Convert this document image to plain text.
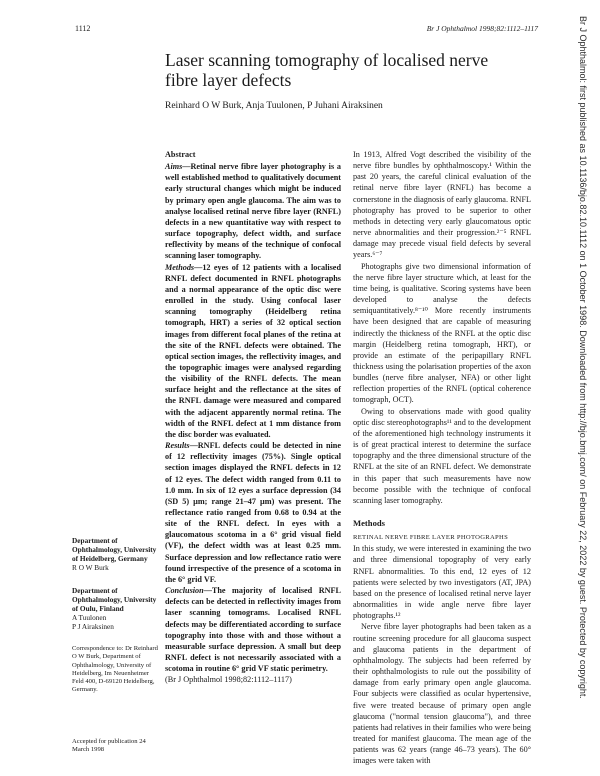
1112	Br J Ophthalmol 1998;82:1112–1117	Br J Ophthalmol: first published as 10.1136/bjo.82.10.1112 on 1 October 1998. Downloaded from http://bjo.bmj.com/ on February 22, 2022 by guest. Protected by copyright.
Laser scanning tomography of localised nerve fibre layer defects
Reinhard O W Burk, Anja Tuulonen, P Juhani Airaksinen
Abstract

Aims—Retinal nerve fibre layer photography is a well established method to qualitatively document early structural changes which might be induced by primary open angle glaucoma. The aim was to analyse localised retinal nerve fibre layer (RNFL) defects in a new quantitative way with respect to surface topography, defect width, and surface reflectivity by means of the technique of confocal scanning laser tomography.

Methods—12 eyes of 12 patients with a localised RNFL defect documented in RNFL photographs and a normal appearance of the optic disc were enrolled in the study. Using confocal laser scanning tomography (Heidelberg retina tomograph, HRT) a series of 32 optical section images from different focal planes of the retina at the site of the RNFL defects were obtained. The optical section images, the reflectivity images, and the topographic images were analysed regarding the visibility of the RNFL defects. The mean surface height and the reflectance at the sites of the RNFL damage were measured and compared with the adjacent apparently normal retina. The width of the RNFL defect at 1 mm distance from the disc border was evaluated.

Results—RNFL defects could be detected in nine of 12 reflectivity images (75%). Single optical section images displayed the RNFL defects in 12 of 12 eyes. The defect width ranged from 0.11 to 1.0 mm. In six of 12 eyes a surface depression (34 (SD 5) µm; range 21–47 µm) was present. The reflectance ratio ranged from 0.68 to 0.94 at the site of the RNFL defect. In eyes with a glaucomatous scotoma in a 6° grid visual field (VF), the defect width was at least 0.25 mm. Surface depression and low reflectance ratio were found irrespective of the presence of a scotoma in the 6° grid VF.

Conclusion—The majority of localised RNFL defects can be detected in reflectivity images from laser scanning tomograms. Localised RNFL defects may be differentiated according to surface topography into those with and those without a measurable surface depression. A small but deep RNFL defect is not necessarily associated with a scotoma in routine 6° grid VF static perimetry.

(Br J Ophthalmol 1998;82:1112–1117)

Department of Ophthalmology, University of Heidelberg, Germany
R O W Burk
Department of Ophthalmology, University of Oulu, Finland
A Tuulonen
P J Airaksinen
Correspondence to: Dr Reinhard O W Burk, Department of Ophthalmology, University of Heidelberg, Im Neuenheimer Feld 400, D-69120 Heidelberg, Germany.
Accepted for publication 24 March 1998

In 1913, Alfred Vogt described the visibility of the nerve fibre bundles by ophthalmoscopy.¹ Within the past 20 years, the careful clinical evaluation of the retinal nerve fibre layer (RNFL) has become a cornerstone in the diagnosis of early glaucoma. RNFL photography has proved to be superior to other methods in detecting very early glaucomatous optic nerve abnormalities and their progression.²⁻⁵ RNFL damage may precede visual field defects by several years.⁶⁻⁷

Photographs give two dimensional information of the nerve fibre layer structure which, at least for the time being, is qualitative. Scoring systems have been developed to analyse the defects semiquantitatively.⁸⁻¹⁰ More recently instruments have been designed that are capable of measuring indirectly the thickness of the RNFL at the optic disc margin (Heidelberg retina tomograph, HRT), or provide an estimate of the peripapillary RNFL thickness using the polarisation properties of the axon bundles (nerve fibre analyser, NFA) or other light reflection properties of the RNFL (optical coherence tomograph, OCT).

Owing to observations made with good quality optic disc stereophotographs¹¹ and to the development of the aforementioned high technology instruments it is of great practical interest to determine the surface topography and the three dimensional structure of the RNFL at the site of an RNFL defect. We demonstrate in this paper that such measurements have now become possible with the technique of confocal scanning laser tomography.

Methods
RETINAL NERVE FIBRE LAYER PHOTOGRAPHS

In this study, we were interested in examining the two and three dimensional topography of very early RNFL abnormalities. To this end, 12 eyes of 12 patients were selected by two investigators (AT, JPA) based on the presence of localised retinal nerve layer abnormalities in wide angle nerve fibre layer photographs.¹²

Nerve fibre layer photographs had been taken as a routine screening procedure for all glaucoma suspect and glaucoma patients in the department of ophthalmology. The subjects had been referred by their ophthalmologists to rule out the possibility of damage from early primary open angle glaucoma. Four subjects were classified as ocular hypertensive, five were treated because of primary open angle glaucoma ("normal tension glaucoma"), and three patients had relatives in their families who were being treated for manifest glaucoma. The mean age of the patients was 62 years (range 46–73 years). The 60° images were taken with
